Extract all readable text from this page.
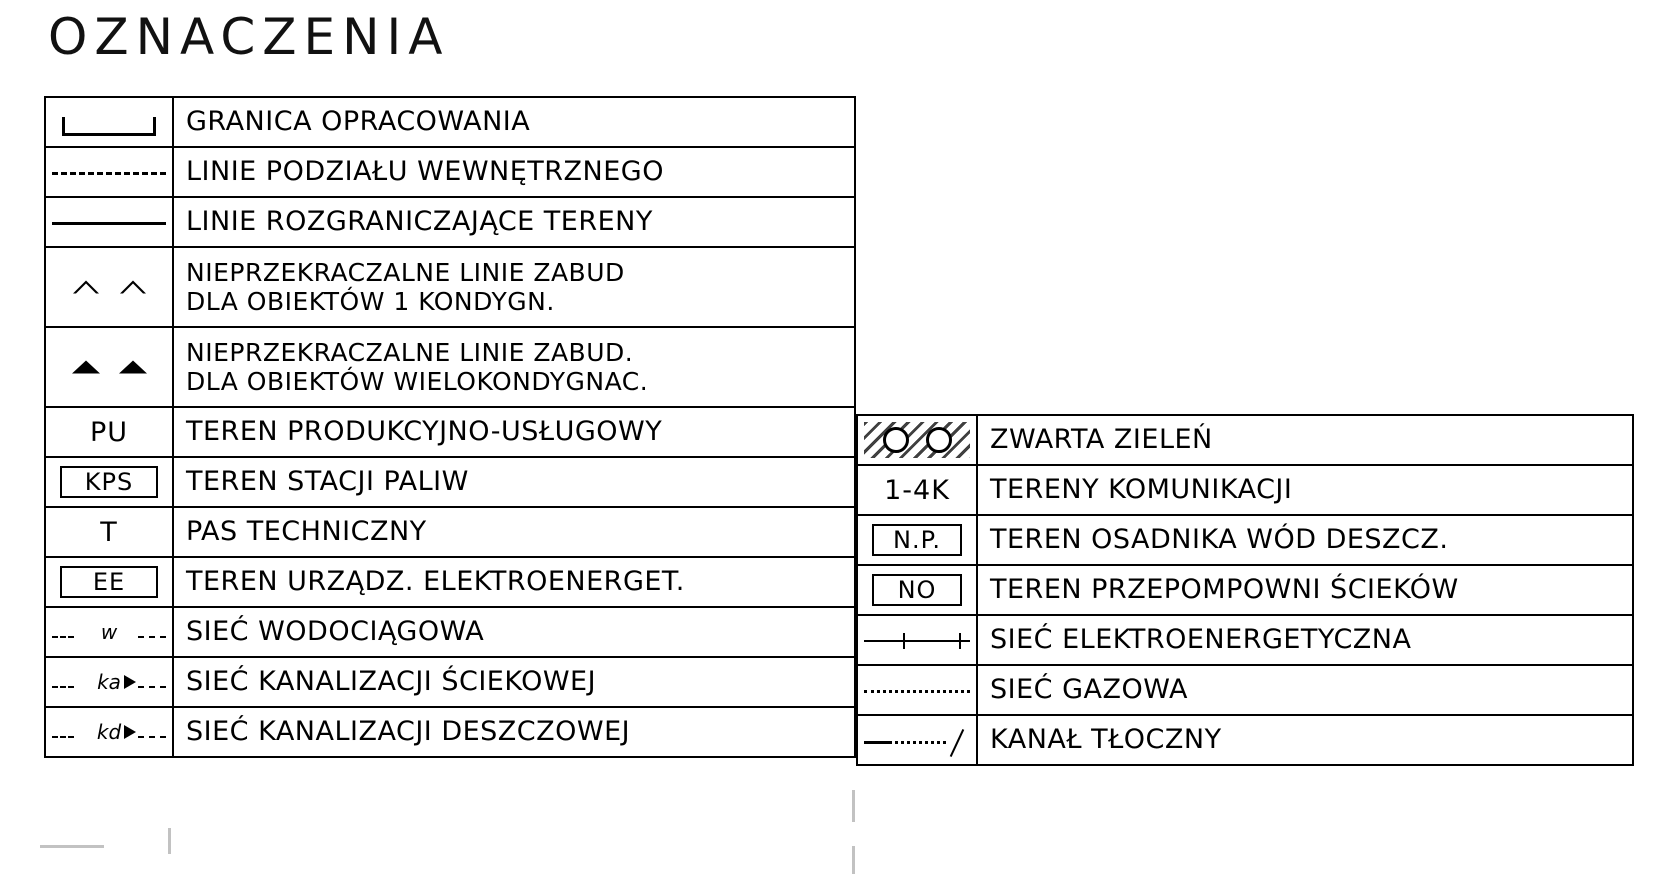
OZNACZENIA

	GRANICA OPRACOWANIA

	LINIE PODZIAŁU WEWNĘTRZNEGO

	LINIE ROZGRANICZAJĄCE TERENY

	NIEPRZEKRACZALNE LINIE ZABUD
DLA OBIEKTÓW 1 KONDYGN.

	NIEPRZEKRACZALNE LINIE ZABUD.
DLA OBIEKTÓW WIELOKONDYGNAC.

PU	TEREN PRODUKCYJNO-USŁUGOWY

KPS	TEREN STACJI PALIW

T	PAS TECHNICZNY

EE	TEREN URZĄDZ. ELEKTROENERGET.

w	SIEĆ WODOCIĄGOWA

ka	SIEĆ KANALIZACJI ŚCIEKOWEJ

kd	SIEĆ KANALIZACJI DESZCZOWEJ

	ZWARTA ZIELEŃ

1-4K	TERENY KOMUNIKACJI

N.P.	TEREN OSADNIKA WÓD DESZCZ.

NO	TEREN PRZEPOMPOWNI ŚCIEKÓW

	SIEĆ ELEKTROENERGETYCZNA

	SIEĆ GAZOWA

	KANAŁ TŁOCZNY
